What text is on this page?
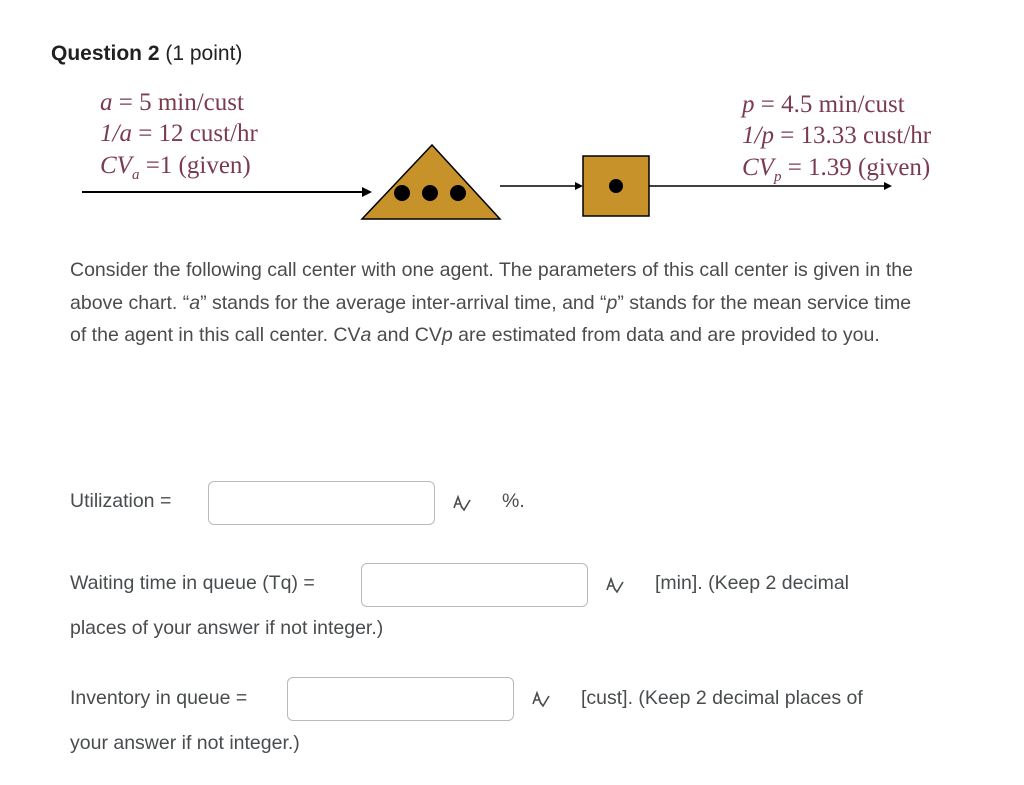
Question 2 (1 point)
a = 5 min/cust
1/a = 12 cust/hr
$CV_a =1$ (given)
p = 4.5 min/cust
1/p = 13.33 cust/hr
$CV_p = 1.39$ (given)
Consider the following call center with one agent. The parameters of this call center is given in the above chart. “a” stands for the average inter-arrival time, and “p” stands for the mean service time of the agent in this call center. CVa and CVp are estimated from data and are provided to you.
Utilization =	%.
Waiting time in queue (Tq) =	[min]. (Keep 2 decimal
places of your answer if not integer.)
Inventory in queue =	[cust]. (Keep 2 decimal places of
your answer if not integer.)
